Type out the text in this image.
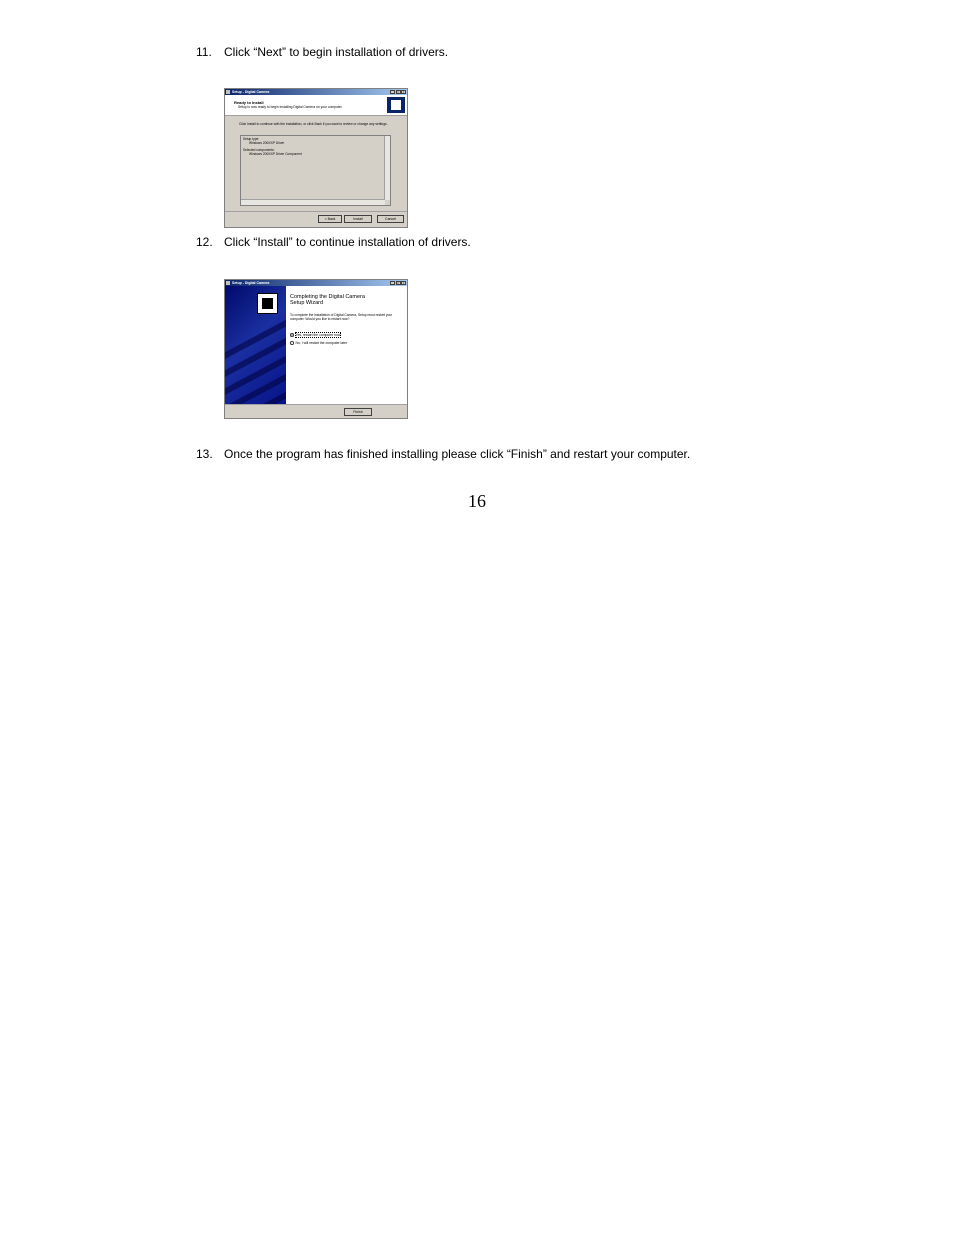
11. Click “Next” to begin installation of drivers.
Setup - Digital Camera	_	□	×
Ready to Install
Setup is now ready to begin installing Digital Camera on your computer.
Click Install to continue with the installation, or click Back if you want to review or change any settings.
Setup type:
Windows 2000/XP Driver
Selected components:
Windows 2000/XP Driver Component
< Back	Install	Cancel
12. Click “Install” to continue installation of drivers.
Setup - Digital Camera	_	□	×
Completing the Digital Camera
Setup Wizard
To complete the installation of Digital Camera, Setup must restart your computer. Would you like to restart now?
Yes, restart the computer now
No, I will restart the computer later
Finish
13. Once the program has finished installing please click “Finish” and restart your computer.
16
